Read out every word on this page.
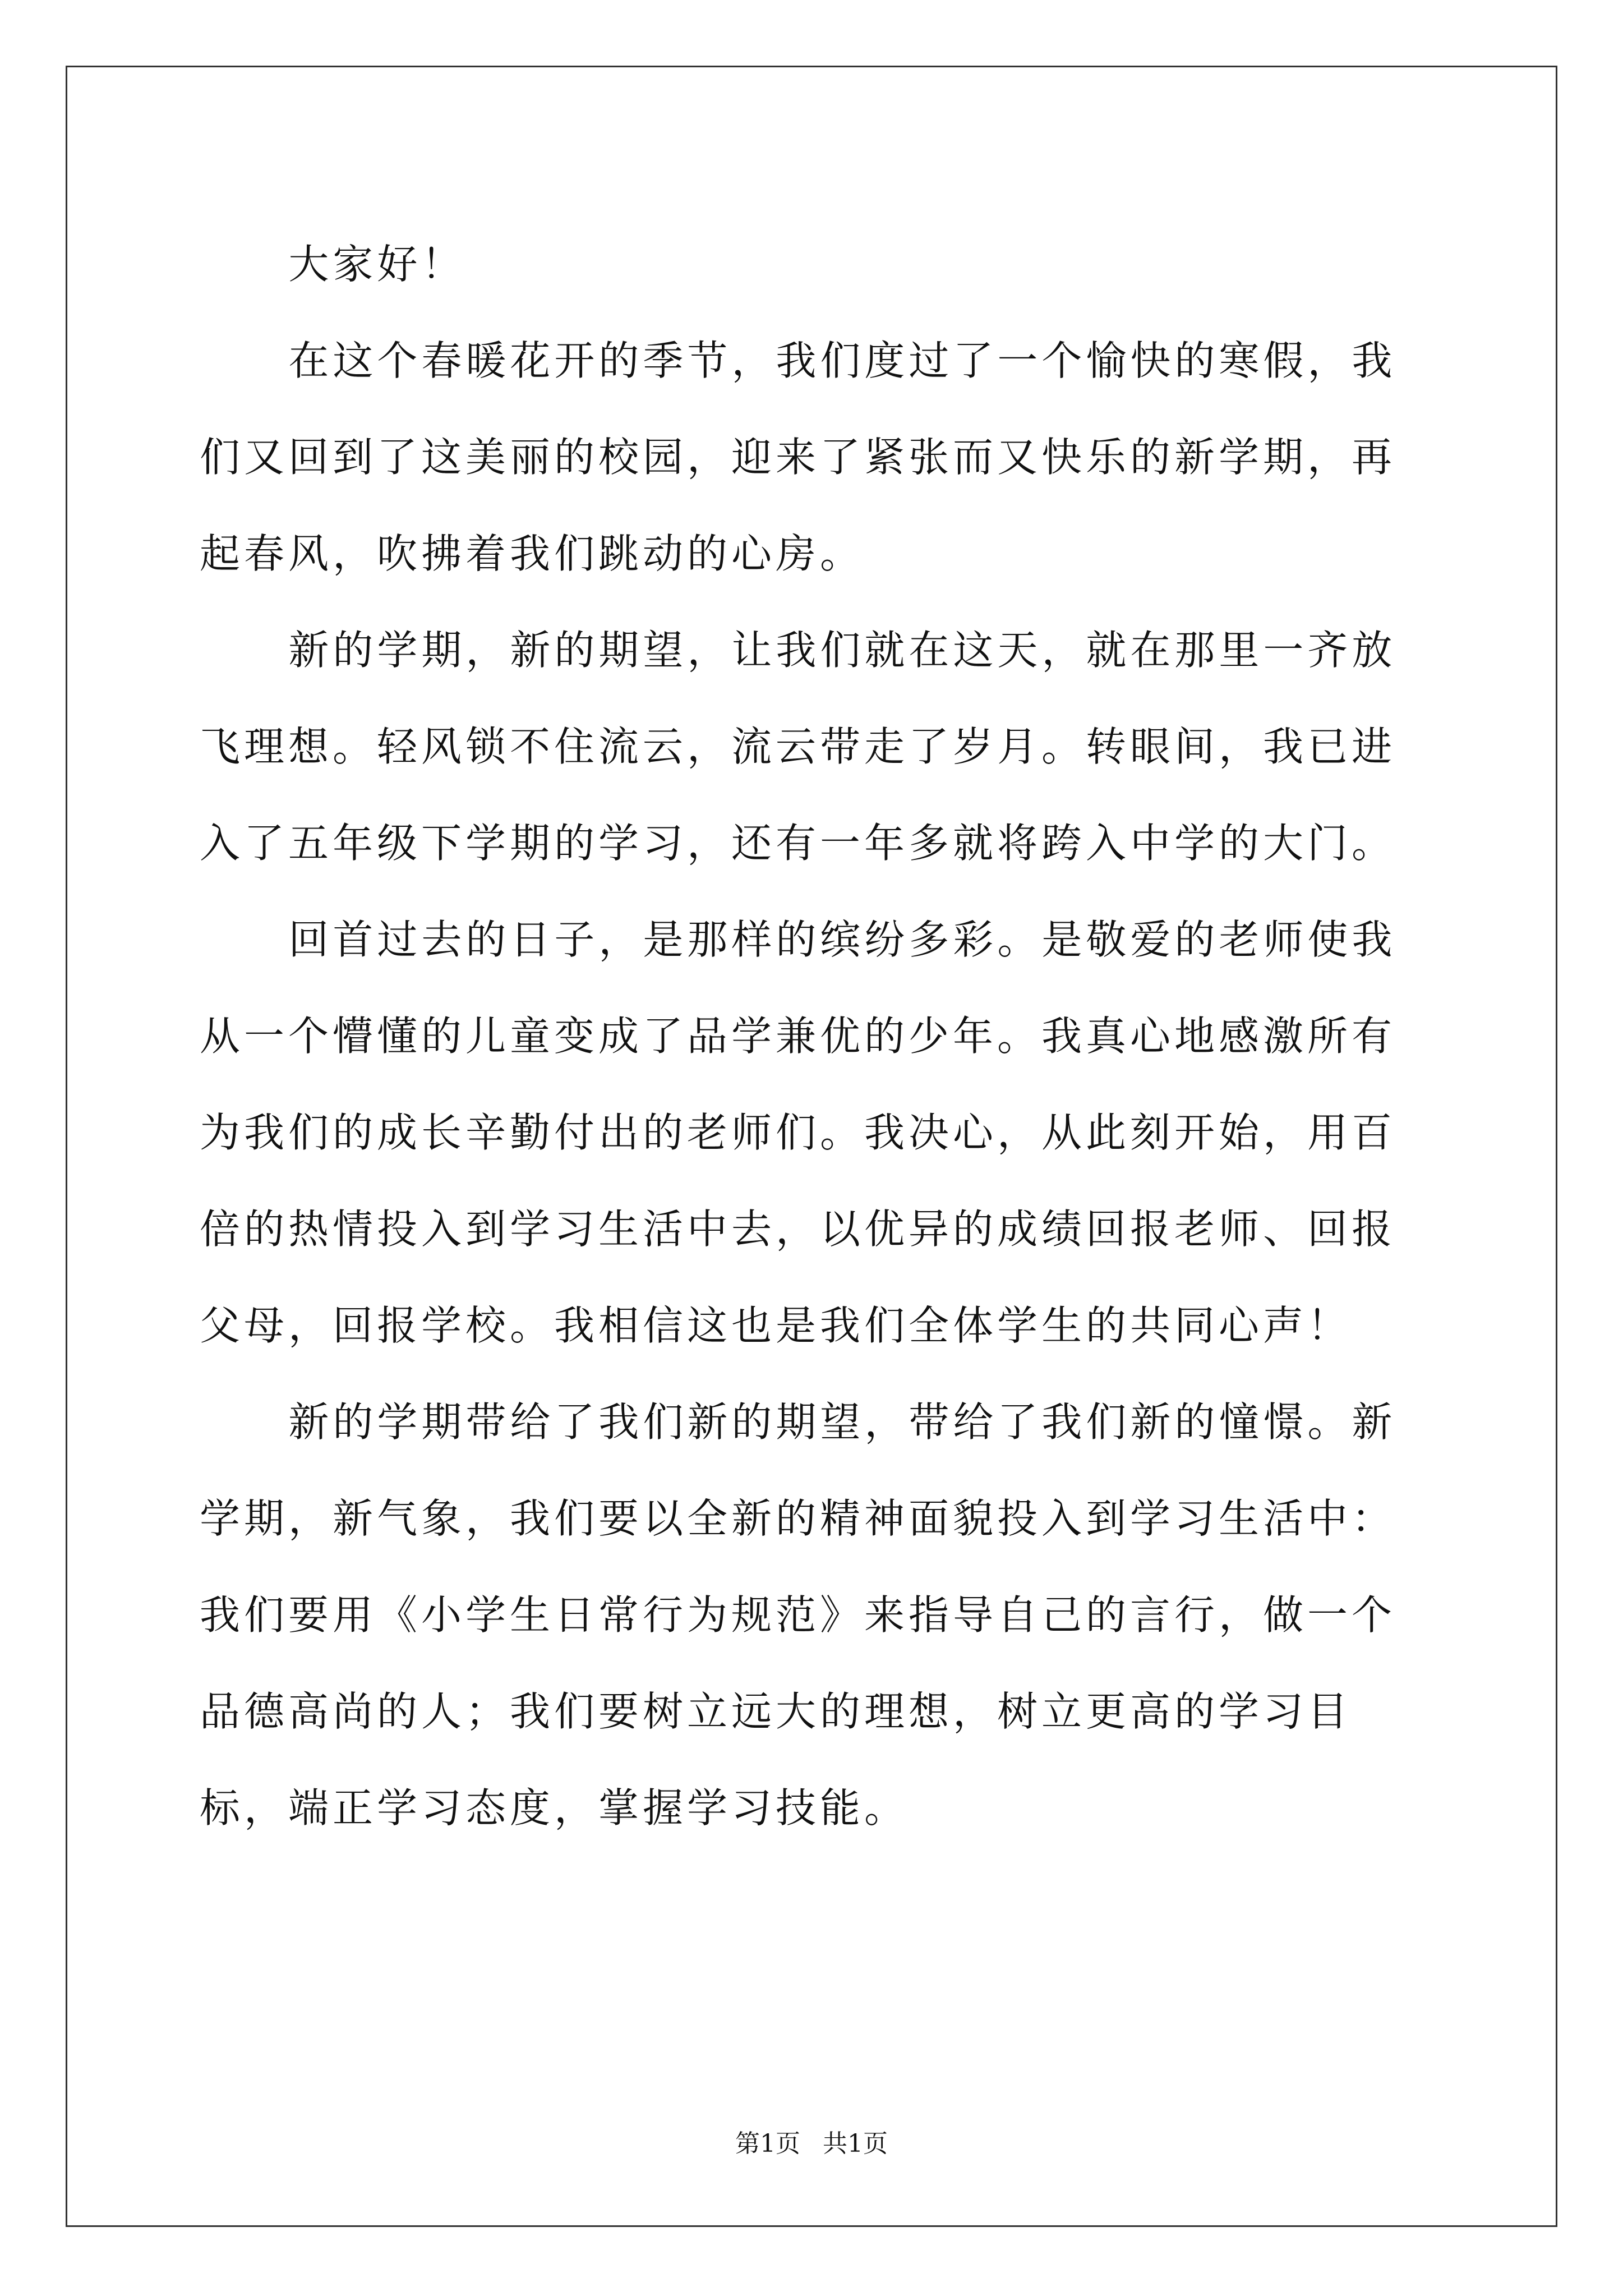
大家好！

在这个春暖花开的季节，我们度过了一个愉快的寒假，我们又回到了这美丽的校园，迎来了紧张而又快乐的新学期，再起春风，吹拂着我们跳动的心房。

新的学期，新的期望，让我们就在这天，就在那里一齐放飞理想。轻风锁不住流云，流云带走了岁月。转眼间，我已进入了五年级下学期的学习，还有一年多就将跨入中学的大门。

回首过去的日子，是那样的缤纷多彩。是敬爱的老师使我从一个懵懂的儿童变成了品学兼优的少年。我真心地感激所有为我们的成长辛勤付出的老师们。我决心，从此刻开始，用百倍的热情投入到学习生活中去，以优异的成绩回报老师、回报父母，回报学校。我相信这也是我们全体学生的共同心声！

新的学期带给了我们新的期望，带给了我们新的憧憬。新学期，新气象，我们要以全新的精神面貌投入到学习生活中：我们要用《小学生日常行为规范》来指导自己的言行，做一个品德高尚的人；我们要树立远大的理想，树立更高的学习目标，端正学习态度，掌握学习技能。

第1页 共1页
